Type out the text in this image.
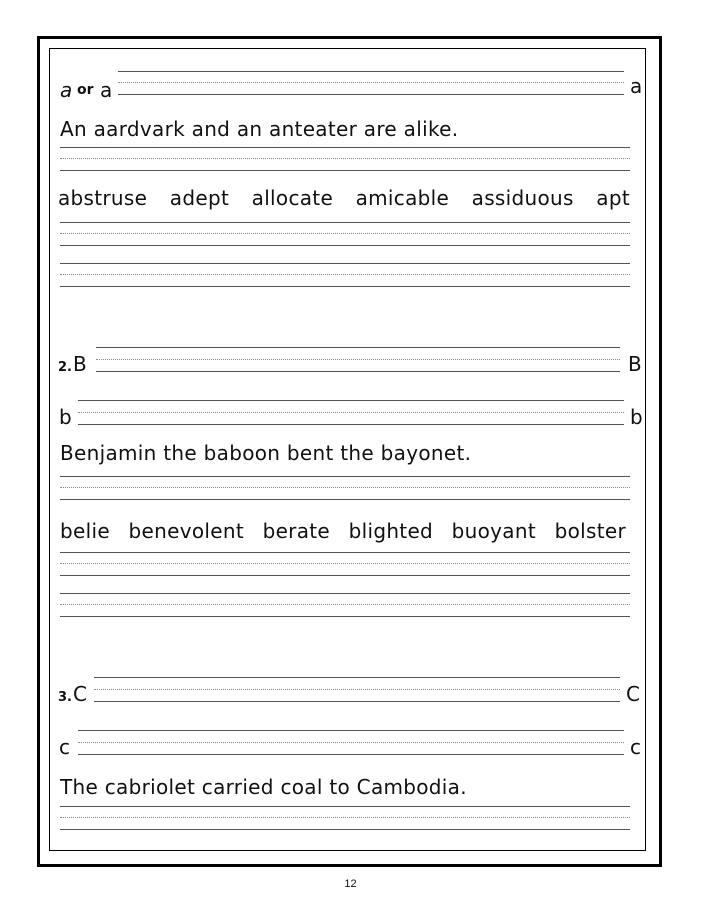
a or a	a
An aardvark and an anteater are alike.
abstruse adept allocate amicable assiduous apt
2. B	B
b	b
Benjamin the baboon bent the bayonet.
belie benevolent berate blighted buoyant bolster
3. C	C
c	c
The cabriolet carried coal to Cambodia.
12
